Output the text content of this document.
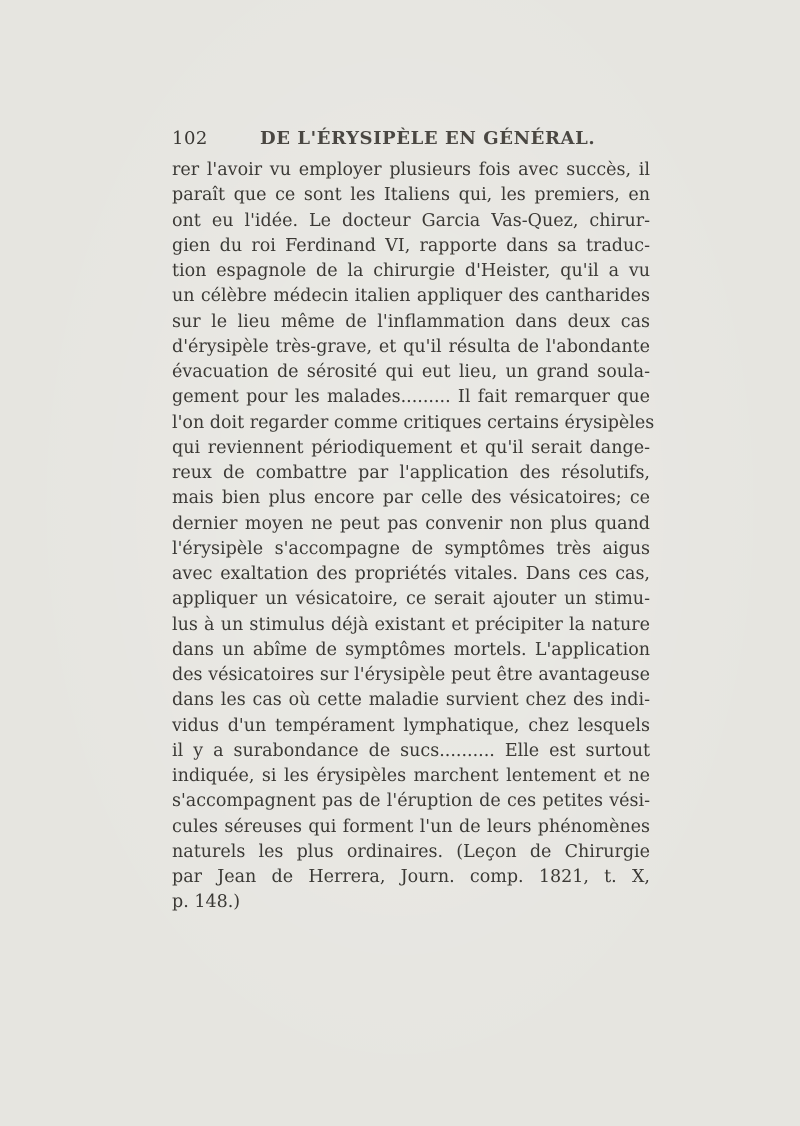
102	DE L'ÉRYSIPÈLE EN GÉNÉRAL.
rer l'avoir vu employer plusieurs fois avec succès, il
paraît que ce sont les Italiens qui, les premiers, en
ont eu l'idée. Le docteur Garcia Vas-Quez, chirur-
gien du roi Ferdinand VI, rapporte dans sa traduc-
tion espagnole de la chirurgie d'Heister, qu'il a vu
un célèbre médecin italien appliquer des cantharides
sur le lieu même de l'inflammation dans deux cas
d'érysipèle très-grave, et qu'il résulta de l'abondante
évacuation de sérosité qui eut lieu, un grand soula-
gement pour les malades......... Il fait remarquer que
l'on doit regarder comme critiques certains érysipèles
qui reviennent périodiquement et qu'il serait dange-
reux de combattre par l'application des résolutifs,
mais bien plus encore par celle des vésicatoires; ce
dernier moyen ne peut pas convenir non plus quand
l'érysipèle s'accompagne de symptômes très aigus
avec exaltation des propriétés vitales. Dans ces cas,
appliquer un vésicatoire, ce serait ajouter un stimu-
lus à un stimulus déjà existant et précipiter la nature
dans un abîme de symptômes mortels. L'application
des vésicatoires sur l'érysipèle peut être avantageuse
dans les cas où cette maladie survient chez des indi-
vidus d'un tempérament lymphatique, chez lesquels
il y a surabondance de sucs.......... Elle est surtout
indiquée, si les érysipèles marchent lentement et ne
s'accompagnent pas de l'éruption de ces petites vési-
cules séreuses qui forment l'un de leurs phénomènes
naturels les plus ordinaires. (Leçon de Chirurgie
par Jean de Herrera, Journ. comp. 1821, t. X,
p. 148.)
